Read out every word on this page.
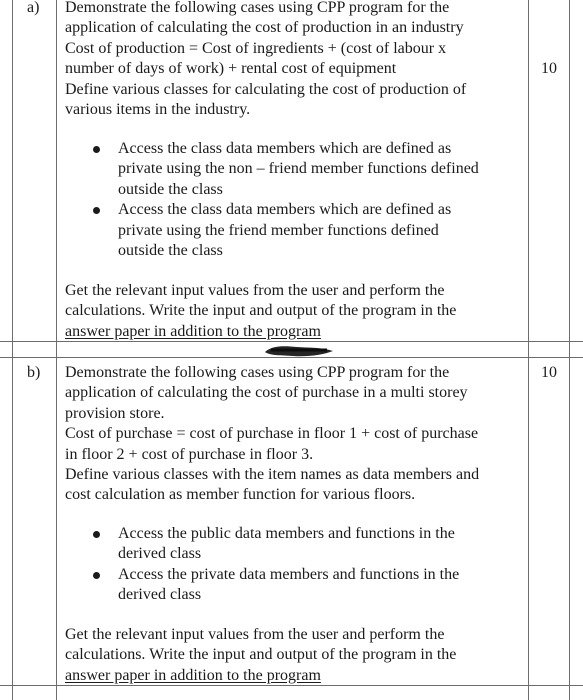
a)
10

Demonstrate the following cases using CPP program for the

application of calculating the cost of production in an industry

Cost of production = Cost of ingredients + (cost of labour x

number of days of work) + rental cost of equipment

Define various classes for calculating the cost of production of

various items in the industry.

Access the class data members which are defined as
private using the non – friend member functions defined
outside the class
Access the class data members which are defined as
private using the friend member functions defined
outside the class

Get the relevant input values from the user and perform the

calculations. Write the input and output of the program in the

answer paper in addition to the program

b)	10

Demonstrate the following cases using CPP program for the

application of calculating the cost of purchase in a multi storey

provision store.

Cost of purchase = cost of purchase in floor 1 + cost of purchase

in floor 2 + cost of purchase in floor 3.

Define various classes with the item names as data members and

cost calculation as member function for various floors.

Access the public data members and functions in the
derived class
Access the private data members and functions in the
derived class

Get the relevant input values from the user and perform the

calculations. Write the input and output of the program in the

answer paper in addition to the program
